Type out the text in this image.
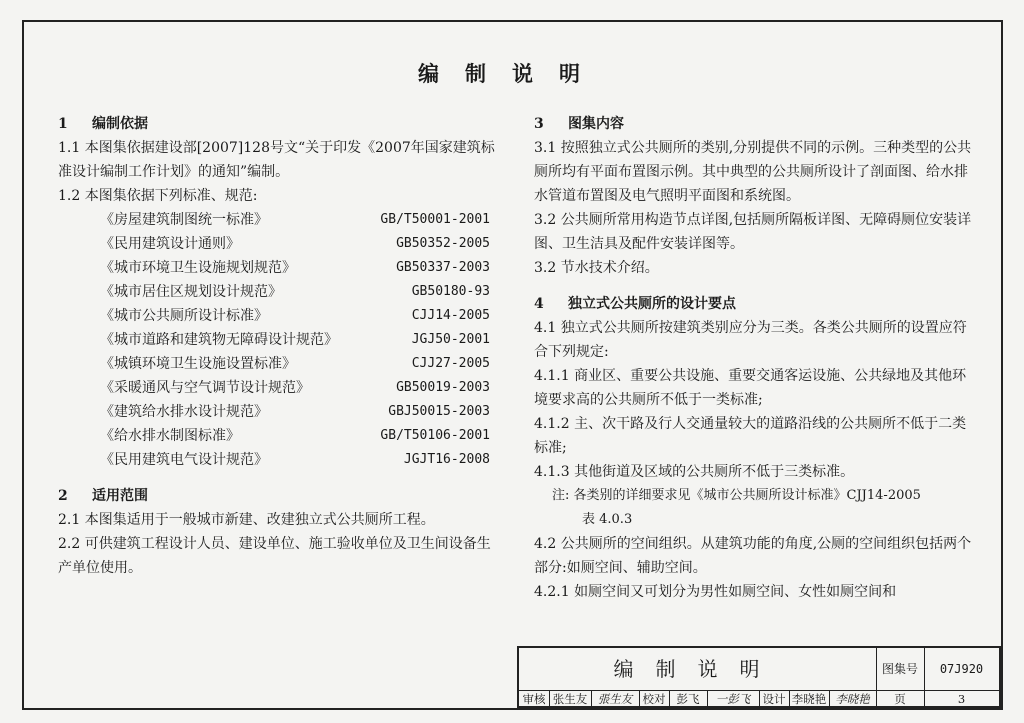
编制说明
1 编制依据
1.1 本图集依据建设部[2007]128号文“关于印发《2007年国家建筑标准设计编制工作计划》的通知”编制。
1.2 本图集依据下列标准、规范:
《房屋建筑制图统一标准》	GB/T50001-2001
《民用建筑设计通则》	GB50352-2005
《城市环境卫生设施规划规范》	GB50337-2003
《城市居住区规划设计规范》	GB50180-93
《城市公共厕所设计标准》	CJJ14-2005
《城市道路和建筑物无障碍设计规范》	JGJ50-2001
《城镇环境卫生设施设置标准》	CJJ27-2005
《采暖通风与空气调节设计规范》	GB50019-2003
《建筑给水排水设计规范》	GBJ50015-2003
《给水排水制图标准》	GB/T50106-2001
《民用建筑电气设计规范》	JGJT16-2008
2 适用范围
2.1 本图集适用于一般城市新建、改建独立式公共厕所工程。
2.2 可供建筑工程设计人员、建设单位、施工验收单位及卫生间设备生产单位使用。
3 图集内容
3.1 按照独立式公共厕所的类别,分别提供不同的示例。三种类型的公共厕所均有平面布置图示例。其中典型的公共厕所设计了剖面图、给水排水管道布置图及电气照明平面图和系统图。
3.2 公共厕所常用构造节点详图,包括厕所隔板详图、无障碍厕位安装详图、卫生洁具及配件安装详图等。
3.2 节水技术介绍。
4 独立式公共厕所的设计要点
4.1 独立式公共厕所按建筑类别应分为三类。各类公共厕所的设置应符合下列规定:
4.1.1 商业区、重要公共设施、重要交通客运设施、公共绿地及其他环境要求高的公共厕所不低于一类标准;
4.1.2 主、次干路及行人交通量较大的道路沿线的公共厕所不低于二类标准;
4.1.3 其他街道及区域的公共厕所不低于三类标准。
注: 各类别的详细要求见《城市公共厕所设计标准》CJJ14-2005
表 4.0.3
4.2 公共厕所的空间组织。从建筑功能的角度,公厕的空间组织包括两个部分:如厕空间、辅助空间。
4.2.1 如厕空间又可划分为男性如厕空间、女性如厕空间和
编制说明	图集号	07J920
审核 张生友 張生友 校对 彭飞	一彭飞	设计 李晓艳 李晓艳	页	3
